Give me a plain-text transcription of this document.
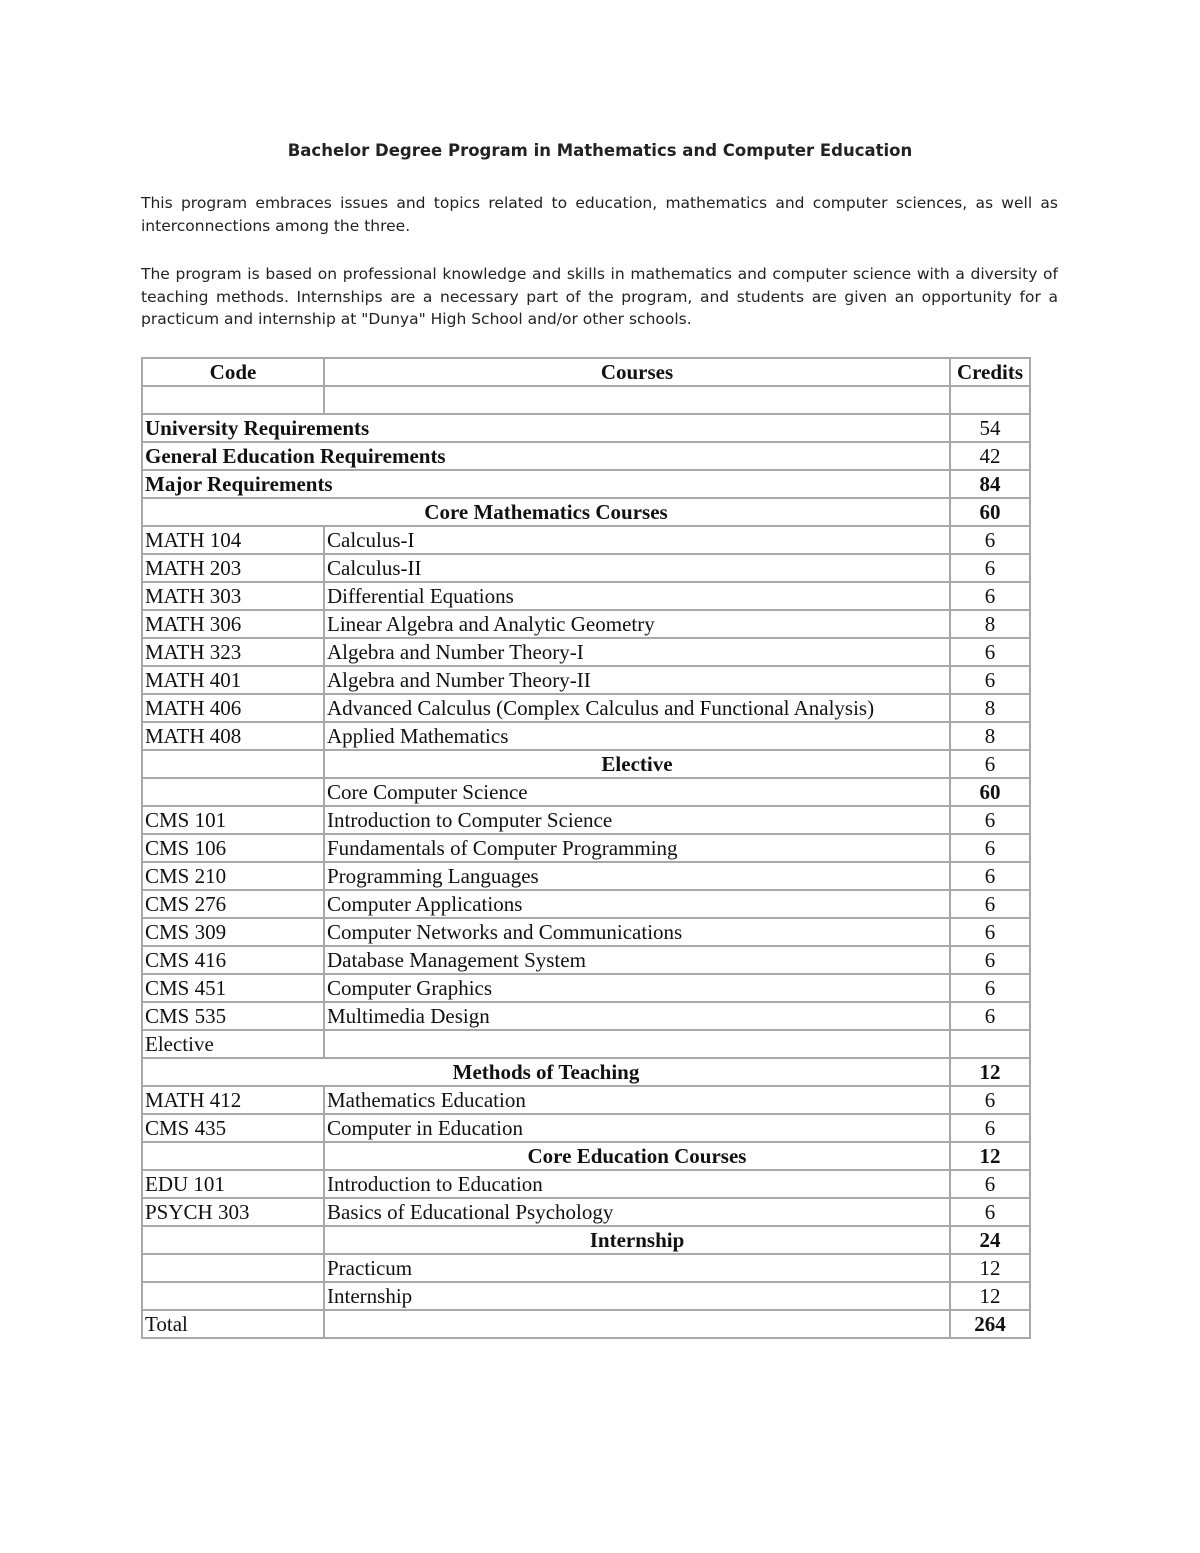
Bachelor Degree Program in Mathematics and Computer Education

This program embraces issues and topics related to education, mathematics and computer sciences, as well as interconnections among the three.

The program is based on professional knowledge and skills in mathematics and computer science with a diversity of teaching methods. Internships are a necessary part of the program, and students are given an opportunity for a practicum and internship at "Dunya" High School and/or other schools.

Code	Courses	Credits

University Requirements		54
General Education Requirements		42
Major Requirements		84
Core Mathematics Courses		60
MATH 104	Calculus-I	6
MATH 203	Calculus-II	6
MATH 303	Differential Equations	6
MATH 306	Linear Algebra and Analytic Geometry	8
MATH 323	Algebra and Number Theory-I	6
MATH 401	Algebra and Number Theory-II	6
MATH 406	Advanced Calculus (Complex Calculus and Functional Analysis)	8
MATH 408	Applied Mathematics	8
	Elective	6
	Core Computer Science	60
CMS 101	Introduction to Computer Science	6
CMS 106	Fundamentals of Computer Programming	6
CMS 210	Programming Languages	6
CMS 276	Computer Applications	6
CMS 309	Computer Networks and Communications	6
CMS 416	Database Management System	6
CMS 451	Computer Graphics	6
CMS 535	Multimedia Design	6
Elective		
Methods of Teaching		12
MATH 412	Mathematics Education	6
CMS 435	Computer in Education	6
	Core Education Courses	12
EDU 101	Introduction to Education	6
PSYCH 303	Basics of Educational Psychology	6
	Internship	24
	Practicum	12
	Internship	12
Total		264
